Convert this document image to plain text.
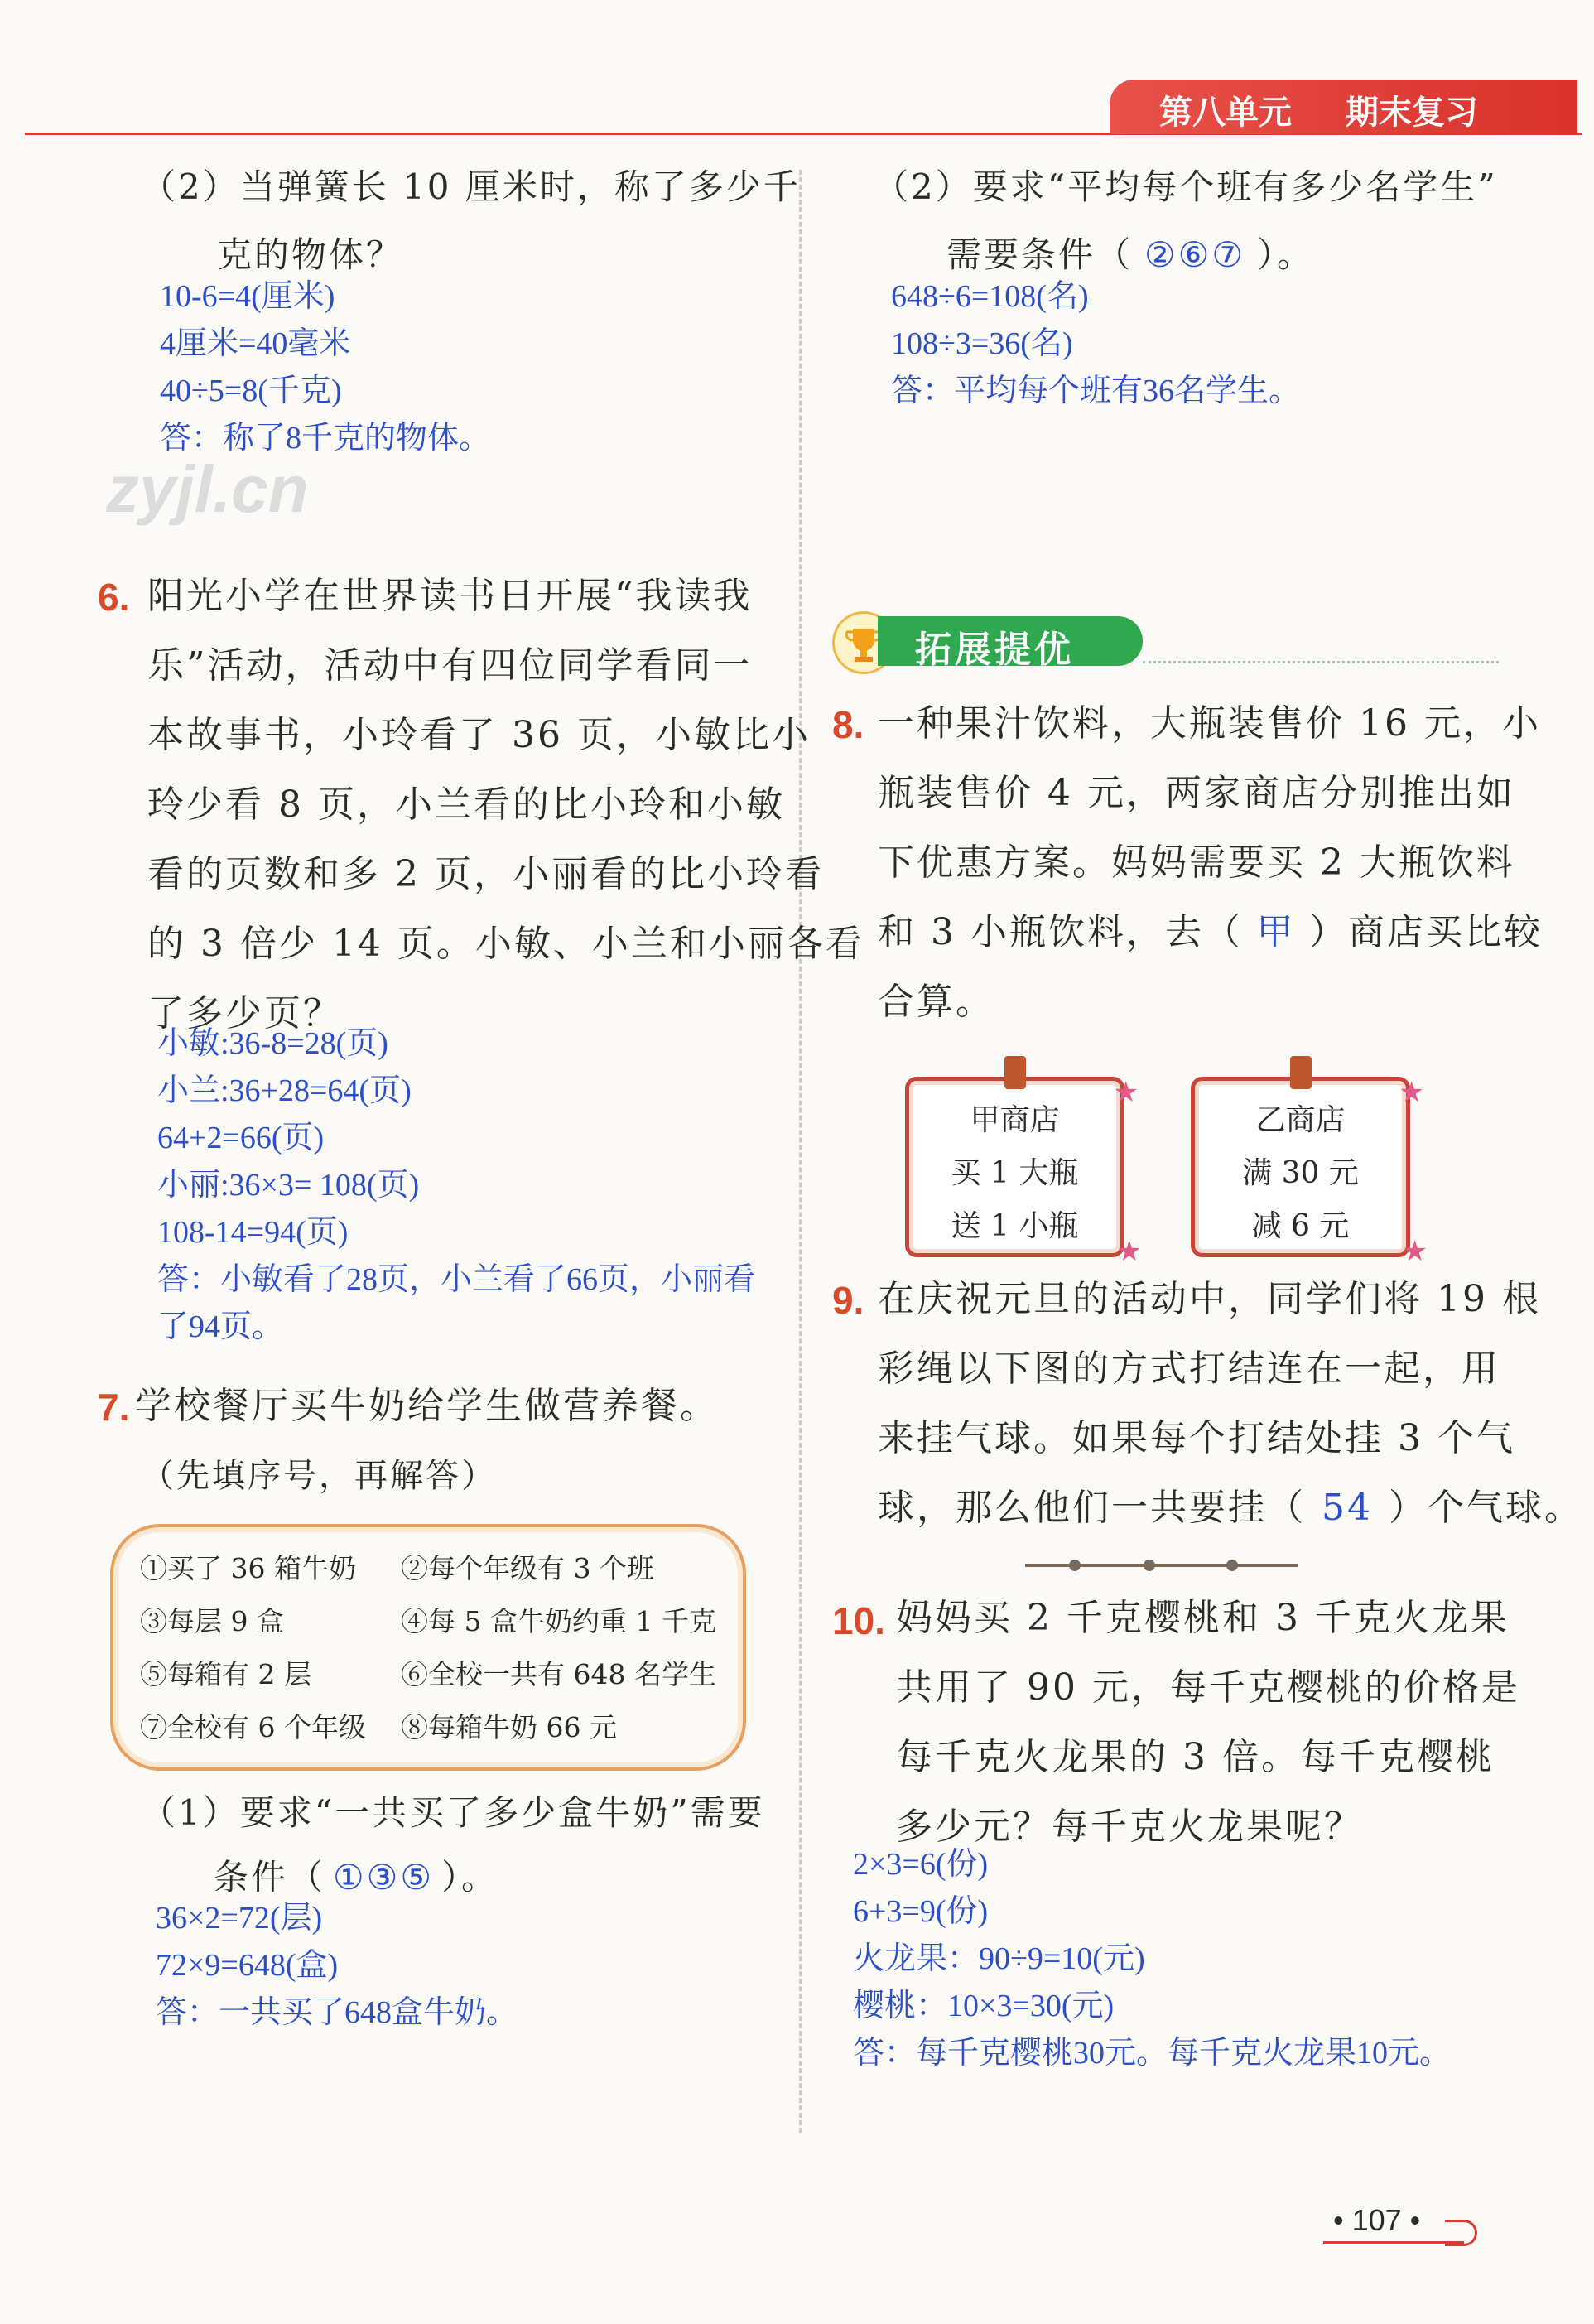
第八单元 期末复习
（2）当弹簧长 10 厘米时，称了多少千
克的物体？
10-6=4(厘米)
4厘米=40毫米
40÷5=8(千克)
答：称了8千克的物体。
zyjl.cn
6. 阳光小学在世界读书日开展“我读我
乐”活动，活动中有四位同学看同一
本故事书，小玲看了 36 页，小敏比小
玲少看 8 页，小兰看的比小玲和小敏
看的页数和多 2 页，小丽看的比小玲看
的 3 倍少 14 页。小敏、小兰和小丽各看
了多少页？
小敏:36-8=28(页)
小兰:36+28=64(页)
64+2=66(页)
小丽:36×3= 108(页)
108-14=94(页)
答：小敏看了28页，小兰看了66页，小丽看
了94页。
7. 学校餐厅买牛奶给学生做营养餐。
（先填序号，再解答）
①买了 36 箱牛奶 ②每个年级有 3 个班
③每层 9 盒	④每 5 盒牛奶约重 1 千克
⑤每箱有 2 层	⑥全校一共有 648 名学生
⑦全校有 6 个年级 ⑧每箱牛奶 66 元
（1）要求“一共买了多少盒牛奶”需要
条件（ ①③⑤ ）。
36×2=72(层)
72×9=648(盒)
答：一共买了648盒牛奶。
（2）要求“平均每个班有多少名学生”
需要条件（ ②⑥⑦ ）。
648÷6=108(名)
108÷3=36(名)
答：平均每个班有36名学生。
拓展提优
8. 一种果汁饮料，大瓶装售价 16 元，小
瓶装售价 4 元，两家商店分别推出如
下优惠方案。妈妈需要买 2 大瓶饮料
和 3 小瓶饮料，去（ 甲 ）商店买比较
合算。
★
★
甲商店
买 1 大瓶
送 1 小瓶
★
★
乙商店
满 30 元
减 6 元
9. 在庆祝元旦的活动中，同学们将 19 根
彩绳以下图的方式打结连在一起，用
来挂气球。如果每个打结处挂 3 个气
球，那么他们一共要挂（ 54 ）个气球。
10. 妈妈买 2 千克樱桃和 3 千克火龙果
共用了 90 元，每千克樱桃的价格是
每千克火龙果的 3 倍。每千克樱桃
多少元？每千克火龙果呢？
2×3=6(份)
6+3=9(份)
火龙果：90÷9=10(元)
樱桃：10×3=30(元)
答：每千克樱桃30元。每千克火龙果10元。
• 107 •
